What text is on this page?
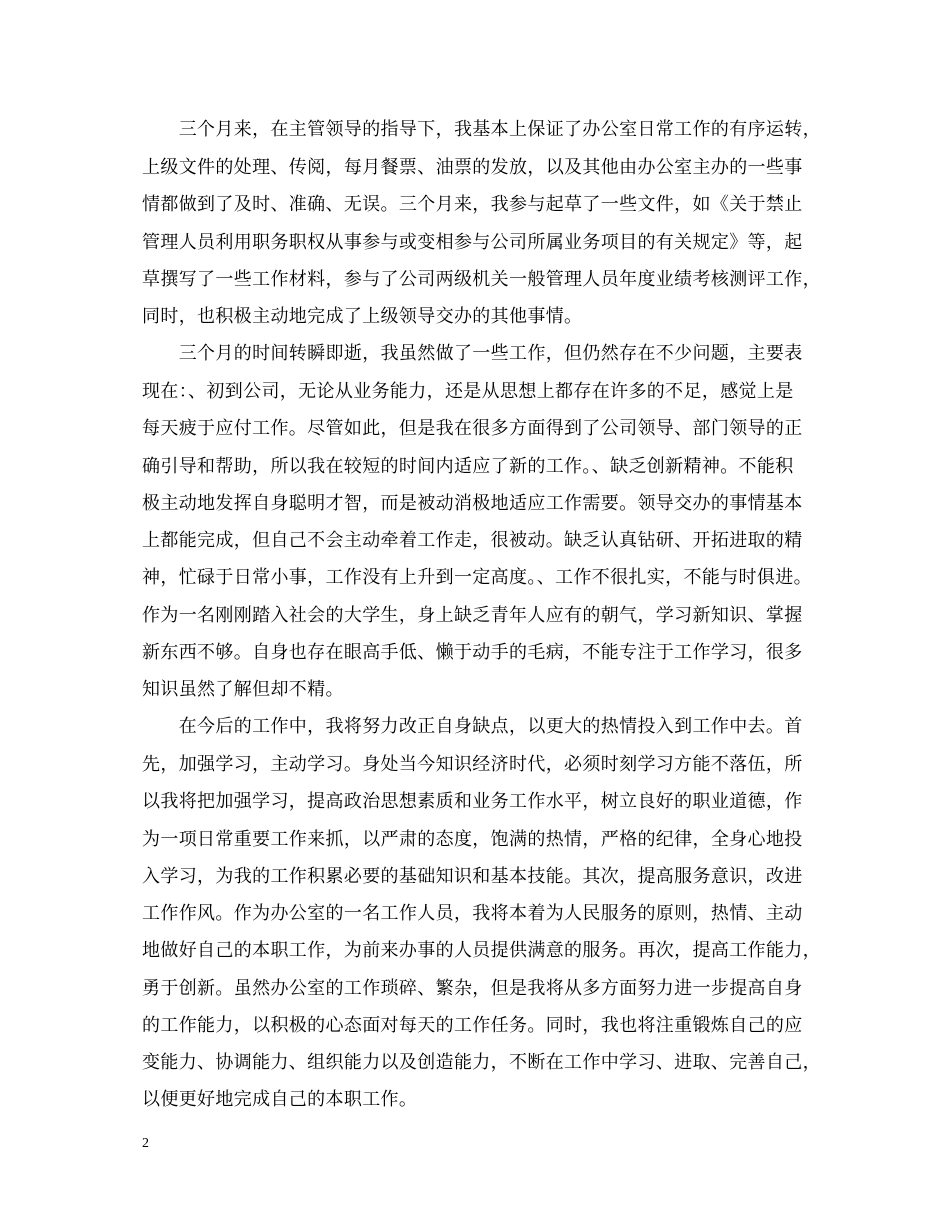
　　三个月来，在主管领导的指导下，我基本上保证了办公室日常工作的有序运转，
上级文件的处理、传阅，每月餐票、油票的发放，以及其他由办公室主办的一些事
情都做到了及时、准确、无误。三个月来，我参与起草了一些文件，如《关于禁止
管理人员利用职务职权从事参与或变相参与公司所属业务项目的有关规定》等，起
草撰写了一些工作材料，参与了公司两级机关一般管理人员年度业绩考核测评工作，
同时，也积极主动地完成了上级领导交办的其他事情。
　　三个月的时间转瞬即逝，我虽然做了一些工作，但仍然存在不少问题，主要表
现在：、初到公司，无论从业务能力，还是从思想上都存在许多的不足，感觉上是
每天疲于应付工作。尽管如此，但是我在很多方面得到了公司领导、部门领导的正
确引导和帮助，所以我在较短的时间内适应了新的工作。、缺乏创新精神。不能积
极主动地发挥自身聪明才智，而是被动消极地适应工作需要。领导交办的事情基本
上都能完成，但自己不会主动牵着工作走，很被动。缺乏认真钻研、开拓进取的精
神，忙碌于日常小事，工作没有上升到一定高度。、工作不很扎实，不能与时俱进。
作为一名刚刚踏入社会的大学生，身上缺乏青年人应有的朝气，学习新知识、掌握
新东西不够。自身也存在眼高手低、懒于动手的毛病，不能专注于工作学习，很多
知识虽然了解但却不精。
　　在今后的工作中，我将努力改正自身缺点，以更大的热情投入到工作中去。首
先，加强学习，主动学习。身处当今知识经济时代，必须时刻学习方能不落伍，所
以我将把加强学习，提高政治思想素质和业务工作水平，树立良好的职业道德，作
为一项日常重要工作来抓，以严肃的态度，饱满的热情，严格的纪律，全身心地投
入学习，为我的工作积累必要的基础知识和基本技能。其次，提高服务意识，改进
工作作风。作为办公室的一名工作人员，我将本着为人民服务的原则，热情、主动
地做好自己的本职工作，为前来办事的人员提供满意的服务。再次，提高工作能力，
勇于创新。虽然办公室的工作琐碎、繁杂，但是我将从多方面努力进一步提高自身
的工作能力，以积极的心态面对每天的工作任务。同时，我也将注重锻炼自己的应
变能力、协调能力、组织能力以及创造能力，不断在工作中学习、进取、完善自己，
以便更好地完成自己的本职工作。
2
